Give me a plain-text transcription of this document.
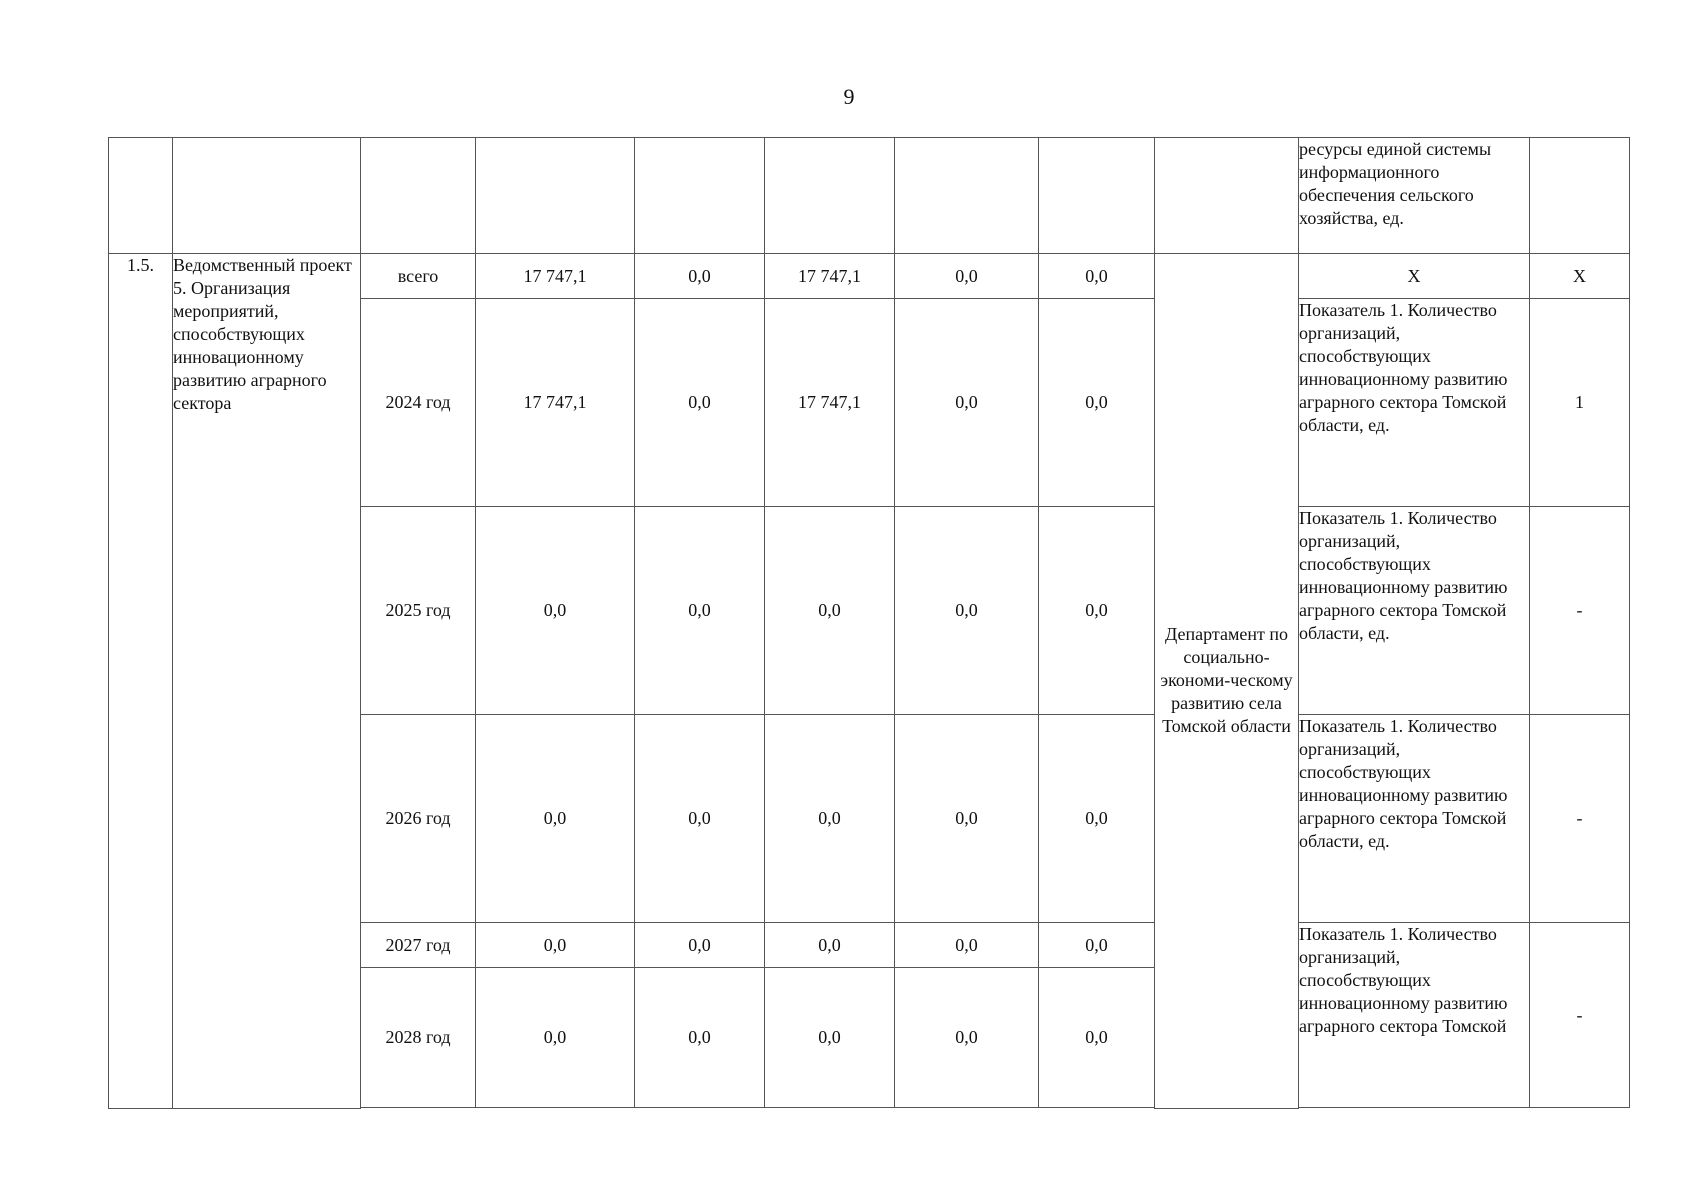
9
									ресурсы единой системы информационного обеспечения сельского хозяйства, ед.	
1.5.	Ведомственный проект 5. Организация мероприятий, способствующих инновационному развитию аграрного сектора	всего	17 747,1	0,0	17 747,1	0,0	0,0	Департамент по социально-экономи-ческому развитию села Томской области	X	X
		2024 год	17 747,1	0,0	17 747,1	0,0	0,0		Показатель 1. Количество организаций, способствующих инновационному развитию аграрного сектора Томской области, ед.	1
		2025 год	0,0	0,0	0,0	0,0	0,0		Показатель 1. Количество организаций, способствующих инновационному развитию аграрного сектора Томской области, ед.	-
		2026 год	0,0	0,0	0,0	0,0	0,0		Показатель 1. Количество организаций, способствующих инновационному развитию аграрного сектора Томской области, ед.	-
		2027 год	0,0	0,0	0,0	0,0	0,0		Показатель 1. Количество организаций, способствующих инновационному развитию аграрного сектора Томской	-
		2028 год	0,0	0,0	0,0	0,0	0,0			
